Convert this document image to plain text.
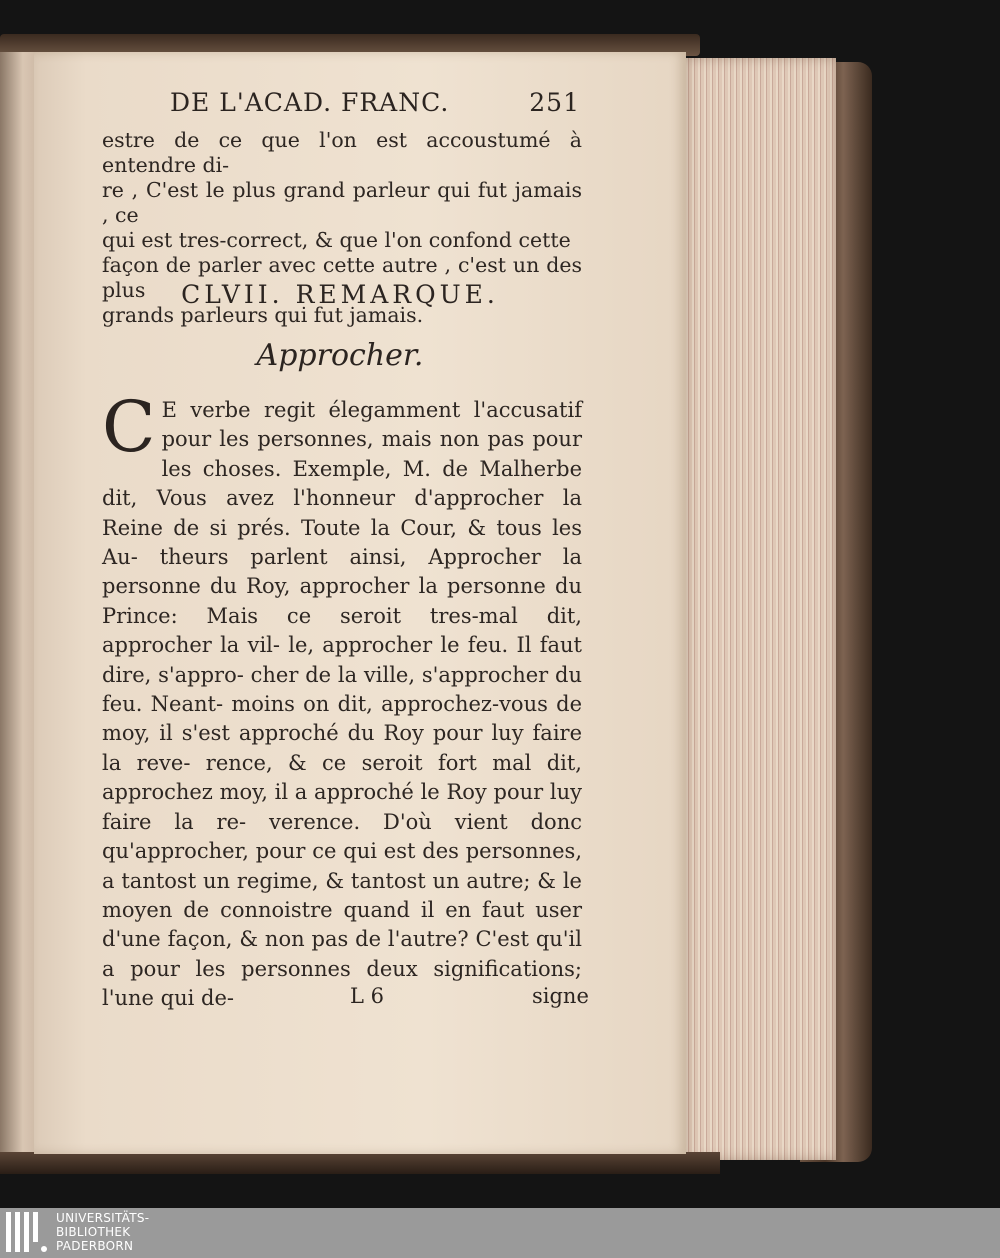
DE L'ACAD. FRANC.	251
estre de ce que l'on est accoustumé à entendre di-
re , C'est le plus grand parleur qui fut jamais , ce
qui est tres-correct, & que l'on confond cette
façon de parler avec cette autre , c'est un des plus
grands parleurs qui fut jamais.
CLVII. REMARQUE.
Approcher.
C E verbe regit élegamment l'accusatif pour les personnes, mais non pas pour les choses. Exemple, M. de Malherbe dit, Vous avez l'honneur d'approcher la Reine de si prés. Toute la Cour, & tous les Au- theurs parlent ainsi, Approcher la personne du Roy, approcher la personne du Prince: Mais ce seroit tres-mal dit, approcher la vil- le, approcher le feu. Il faut dire, s'appro- cher de la ville, s'approcher du feu. Neant- moins on dit, approchez-vous de moy, il s'est approché du Roy pour luy faire la reve- rence, & ce seroit fort mal dit, approchez moy, il a approché le Roy pour luy faire la re- verence. D'où vient donc qu'approcher, pour ce qui est des personnes, a tantost un regime, & tantost un autre; & le moyen de connoistre quand il en faut user d'une façon, & non pas de l'autre? C'est qu'il a pour les personnes deux significations; l'une qui de-	L 6	signe
UNIVERSITÄTS-
BIBLIOTHEK
PADERBORN
